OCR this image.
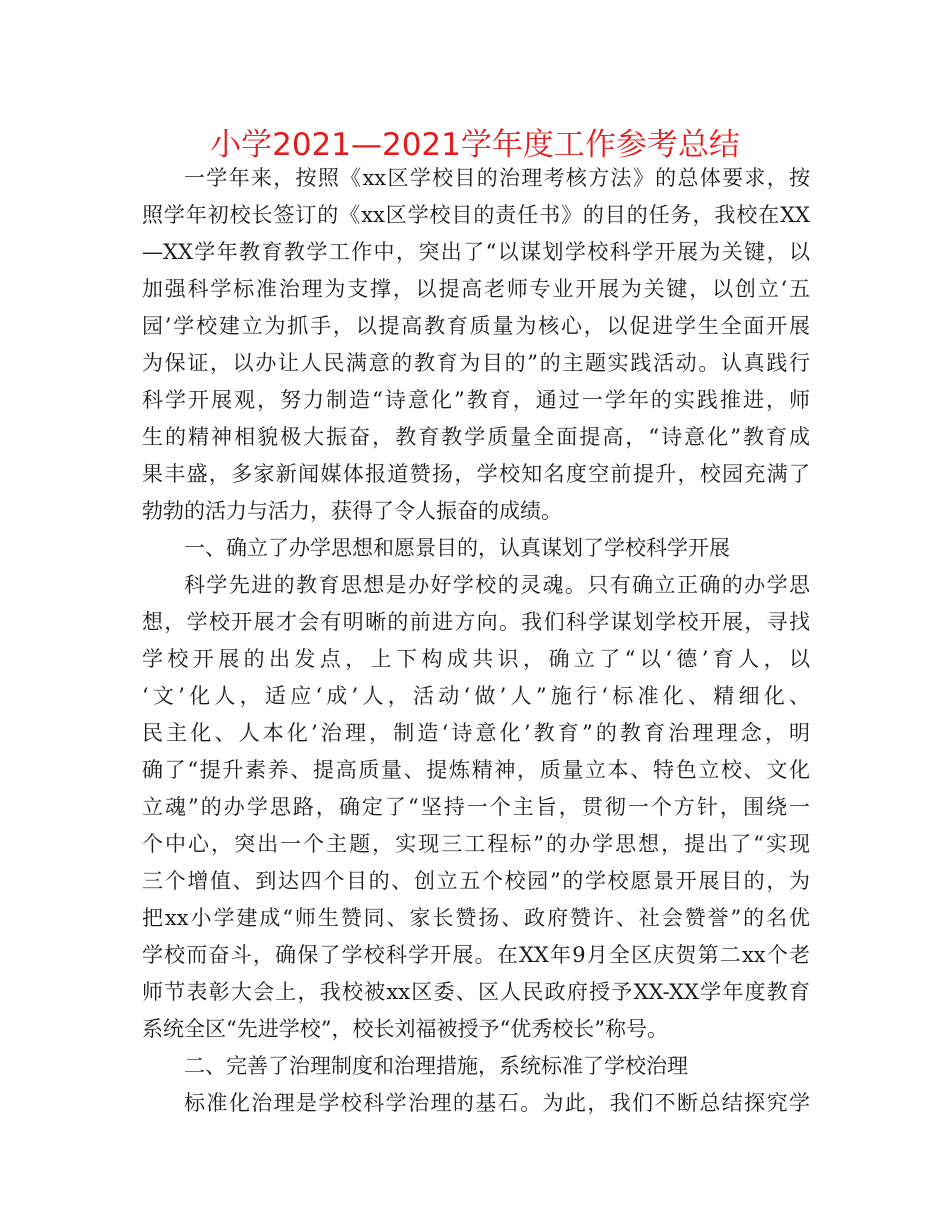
小学2021—2021学年度工作参考总结
一学年来，按照《xx区学校目的治理考核方法》的总体要求，按
照学年初校长签订的《xx区学校目的责任书》的目的任务，我校在XX
—XX学年教育教学工作中，突出了“以谋划学校科学开展为关键，以
加强科学标准治理为支撑，以提高老师专业开展为关键，以创立‘五
园’学校建立为抓手，以提高教育质量为核心，以促进学生全面开展
为保证，以办让人民满意的教育为目的”的主题实践活动。认真践行
科学开展观，努力制造“诗意化”教育，通过一学年的实践推进，师
生的精神相貌极大振奋，教育教学质量全面提高，“诗意化”教育成
果丰盛，多家新闻媒体报道赞扬，学校知名度空前提升，校园充满了
勃勃的活力与活力，获得了令人振奋的成绩。
一、确立了办学思想和愿景目的，认真谋划了学校科学开展
科学先进的教育思想是办好学校的灵魂。只有确立正确的办学思
想，学校开展才会有明晰的前进方向。我们科学谋划学校开展，寻找
学校开展的出发点，上下构成共识，确立了“以‘德’育人，以
‘文’化人，适应‘成’人，活动‘做’人”施行‘标准化、精细化、
民主化、人本化’治理，制造‘诗意化’教育”的教育治理理念，明
确了“提升素养、提高质量、提炼精神，质量立本、特色立校、文化
立魂”的办学思路，确定了“坚持一个主旨，贯彻一个方针，围绕一
个中心，突出一个主题，实现三工程标”的办学思想，提出了“实现
三个增值、到达四个目的、创立五个校园”的学校愿景开展目的，为
把xx小学建成“师生赞同、家长赞扬、政府赞许、社会赞誉”的名优
学校而奋斗，确保了学校科学开展。在XX年9月全区庆贺第二xx个老
师节表彰大会上，我校被xx区委、区人民政府授予XX-XX学年度教育
系统全区“先进学校”，校长刘福被授予“优秀校长”称号。
二、完善了治理制度和治理措施，系统标准了学校治理
标准化治理是学校科学治理的基石。为此，我们不断总结探究学
